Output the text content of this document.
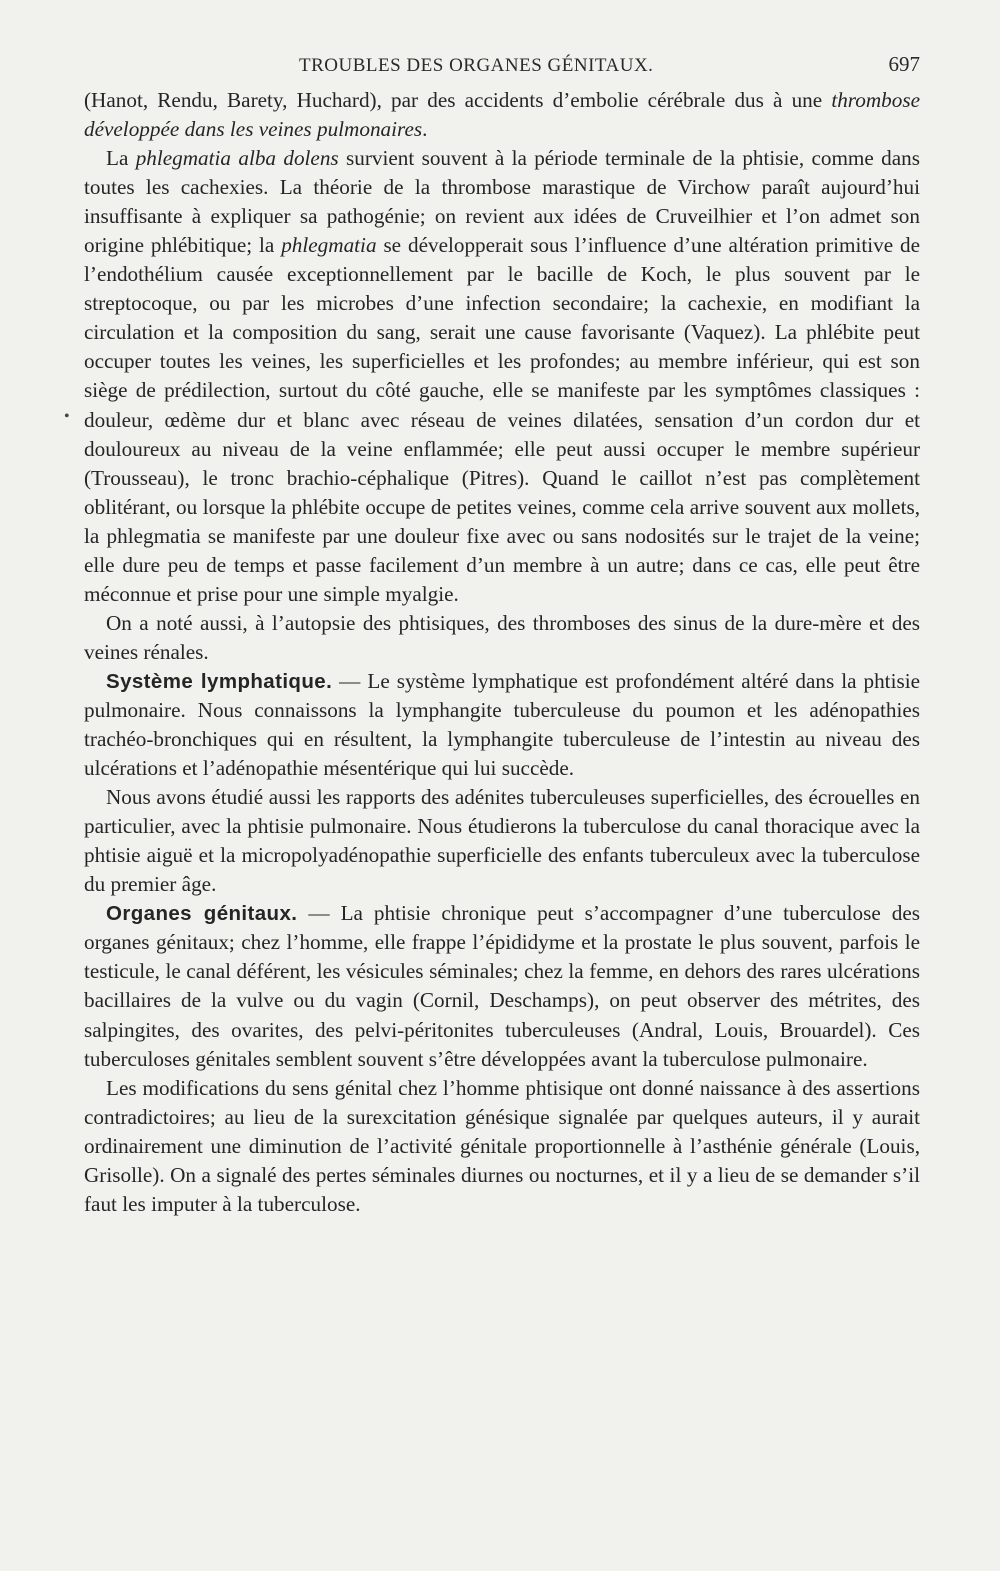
TROUBLES DES ORGANES GÉNITAUX.	697
•

(Hanot, Rendu, Barety, Huchard), par des accidents d’embolie cérébrale dus à une thrombose développée dans les veines pulmonaires.

La phlegmatia alba dolens survient souvent à la période terminale de la phtisie, comme dans toutes les cachexies. La théorie de la thrombose marastique de Virchow paraît aujourd’hui insuffisante à expliquer sa pathogénie; on revient aux idées de Cruveilhier et l’on admet son origine phlébitique; la phlegmatia se développerait sous l’influence d’une altération primitive de l’endothélium causée exceptionnellement par le bacille de Koch, le plus souvent par le streptocoque, ou par les microbes d’une infection secondaire; la cachexie, en modifiant la circulation et la composition du sang, serait une cause favorisante (Vaquez). La phlébite peut occuper toutes les veines, les superficielles et les profondes; au membre inférieur, qui est son siège de prédilection, surtout du côté gauche, elle se manifeste par les symptômes classiques : douleur, œdème dur et blanc avec réseau de veines dilatées, sensation d’un cordon dur et douloureux au niveau de la veine enflammée; elle peut aussi occuper le membre supérieur (Trousseau), le tronc brachio-céphalique (Pitres). Quand le caillot n’est pas complètement oblitérant, ou lorsque la phlébite occupe de petites veines, comme cela arrive souvent aux mollets, la phlegmatia se manifeste par une douleur fixe avec ou sans nodosités sur le trajet de la veine; elle dure peu de temps et passe facilement d’un membre à un autre; dans ce cas, elle peut être méconnue et prise pour une simple myalgie.

On a noté aussi, à l’autopsie des phtisiques, des thromboses des sinus de la dure-mère et des veines rénales.

Système lymphatique. — Le système lymphatique est profondément altéré dans la phtisie pulmonaire. Nous connaissons la lymphangite tuberculeuse du poumon et les adénopathies trachéo-bronchiques qui en résultent, la lymphangite tuberculeuse de l’intestin au niveau des ulcérations et l’adénopathie mésentérique qui lui succède.

Nous avons étudié aussi les rapports des adénites tuberculeuses superficielles, des écrouelles en particulier, avec la phtisie pulmonaire. Nous étudierons la tuberculose du canal thoracique avec la phtisie aiguë et la micropolyadénopathie superficielle des enfants tuberculeux avec la tuberculose du premier âge.

Organes génitaux. — La phtisie chronique peut s’accompagner d’une tuberculose des organes génitaux; chez l’homme, elle frappe l’épididyme et la prostate le plus souvent, parfois le testicule, le canal déférent, les vésicules séminales; chez la femme, en dehors des rares ulcérations bacillaires de la vulve ou du vagin (Cornil, Deschamps), on peut observer des métrites, des salpingites, des ovarites, des pelvi-péritonites tuberculeuses (Andral, Louis, Brouardel). Ces tuberculoses génitales semblent souvent s’être développées avant la tuberculose pulmonaire.

Les modifications du sens génital chez l’homme phtisique ont donné naissance à des assertions contradictoires; au lieu de la surexcitation génésique signalée par quelques auteurs, il y aurait ordinairement une diminution de l’activité génitale proportionnelle à l’asthénie générale (Louis, Grisolle). On a signalé des pertes séminales diurnes ou nocturnes, et il y a lieu de se demander s’il faut les imputer à la tuberculose.
